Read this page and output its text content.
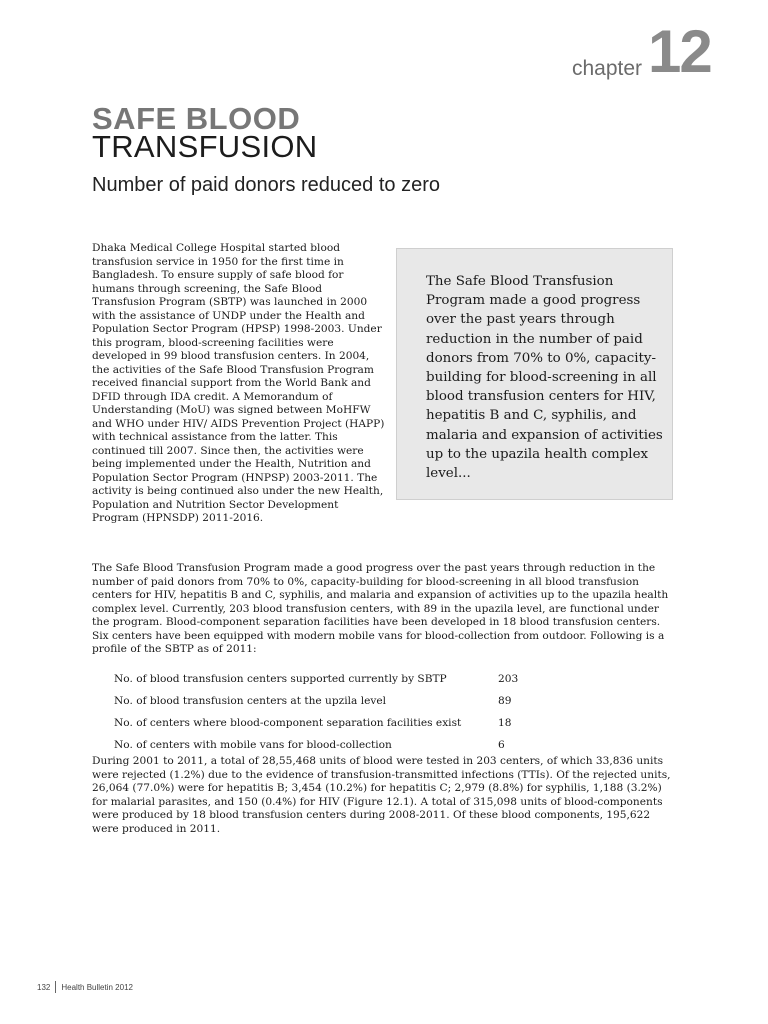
chapter 12
SAFE BLOOD
TRANSFUSION
Number of paid donors reduced to zero

Dhaka Medical College Hospital started blood transfusion service in 1950 for the first time in Bangladesh. To ensure supply of safe blood for humans through screening, the Safe Blood Transfusion Program (SBTP) was launched in 2000 with the assistance of UNDP under the Health and Population Sector Program (HPSP) 1998-2003. Under this program, blood-screening facilities were developed in 99 blood transfusion centers. In 2004, the activities of the Safe Blood Transfusion Program received financial support from the World Bank and DFID through IDA credit. A Memorandum of Understanding (MoU) was signed between MoHFW and WHO under HIV/ AIDS Prevention Project (HAPP) with technical assistance from the latter. This continued till 2007. Since then, the activities were being implemented under the Health, Nutrition and Population Sector Program (HNPSP) 2003-2011. The activity is being continued also under the new Health, Population and Nutrition Sector Development Program (HPNSDP) 2011-2016.

The Safe Blood Transfusion Program made a good progress over the past years through reduction in the number of paid donors from 70% to 0%, capacity-building for blood-screening in all blood transfusion centers for HIV, hepatitis B and C, syphilis, and malaria and expansion of activities up to the upazila health complex level...

The Safe Blood Transfusion Program made a good progress over the past years through reduction in the number of paid donors from 70% to 0%, capacity-building for blood-screening in all blood transfusion centers for HIV, hepatitis B and C, syphilis, and malaria and expansion of activities up to the upazila health complex level. Currently, 203 blood transfusion centers, with 89 in the upazila level, are functional under the program. Blood-component separation facilities have been developed in 18 blood transfusion centers. Six centers have been equipped with modern mobile vans for blood-collection from outdoor. Following is a profile of the SBTP as of 2011:

No. of blood transfusion centers supported currently by SBTP	203
No. of blood transfusion centers at the upzila level	89
No. of centers where blood-component separation facilities exist	18
No. of centers with mobile vans for blood-collection	6

During 2001 to 2011, a total of 28,55,468 units of blood were tested in 203 centers, of which 33,836 units were rejected (1.2%) due to the evidence of transfusion-transmitted infections (TTIs). Of the rejected units, 26,064 (77.0%) were for hepatitis B; 3,454 (10.2%) for hepatitis C; 2,979 (8.8%) for syphilis, 1,188 (3.2%) for malarial parasites, and 150 (0.4%) for HIV (Figure 12.1). A total of 315,098 units of blood-components were produced by 18 blood transfusion centers during 2008-2011. Of these blood components, 195,622 were produced in 2011.

132 Health Bulletin 2012
